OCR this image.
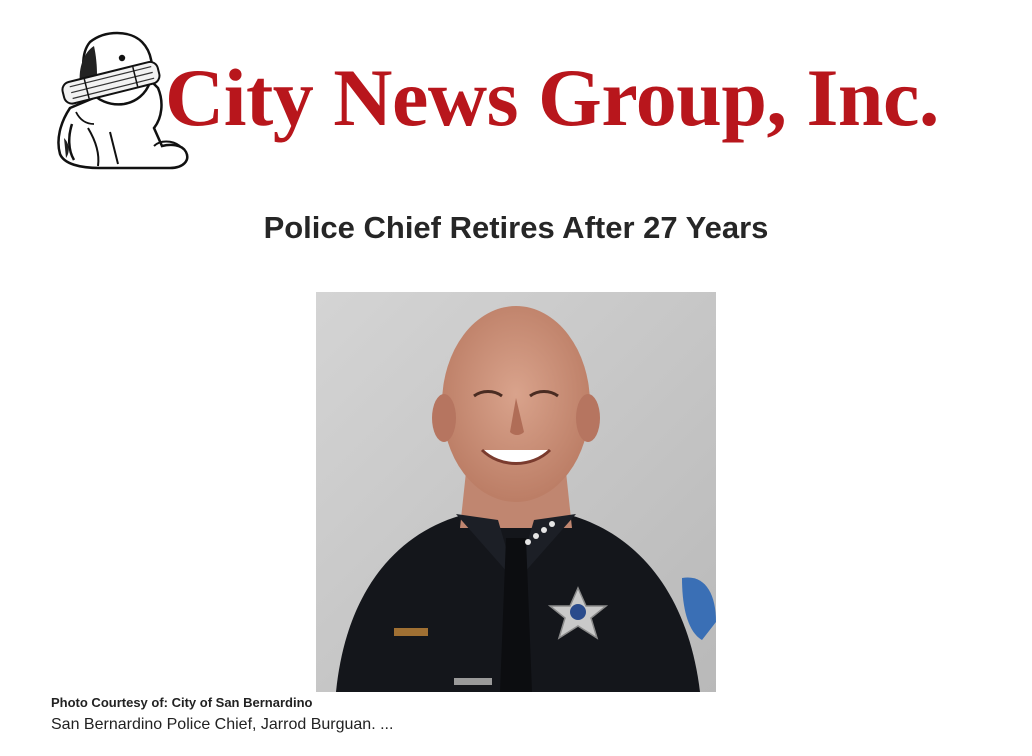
City News Group, Inc.
Police Chief Retires After 27 Years
Photo Courtesy of: City of San Bernardino
San Bernardino Police Chief, Jarrod Burguan. ...
